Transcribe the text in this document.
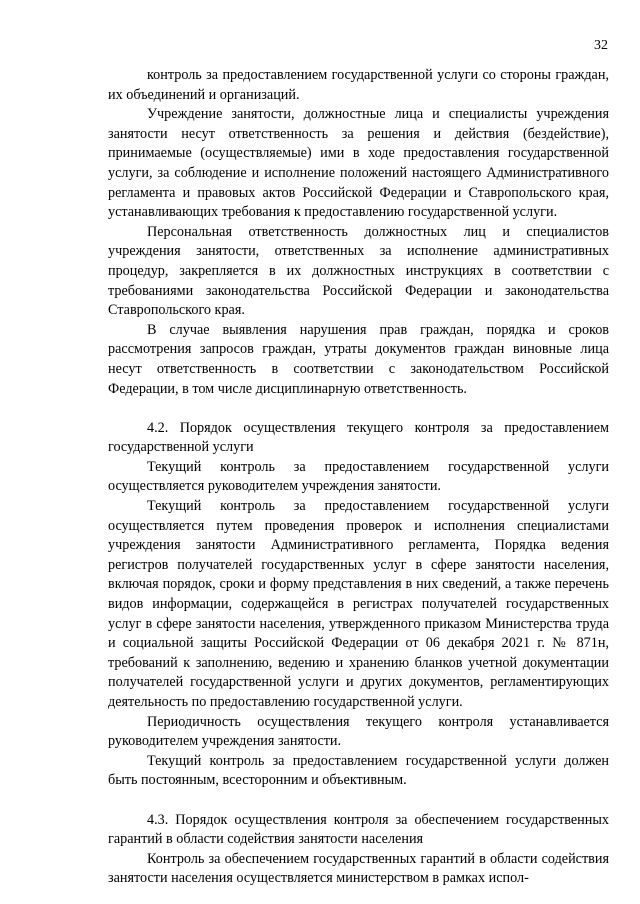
32

контроль за предоставлением государственной услуги со стороны граждан, их объединений и организаций.

Учреждение занятости, должностные лица и специалисты учреждения занятости несут ответственность за решения и действия (бездействие), принимаемые (осуществляемые) ими в ходе предоставления государственной услуги, за соблюдение и исполнение положений настоящего Административного регламента и правовых актов Российской Федерации и Ставропольского края, устанавливающих требования к предоставлению государственной услуги.

Персональная ответственность должностных лиц и специалистов учреждения занятости, ответственных за исполнение административных процедур, закрепляется в их должностных инструкциях в соответствии с требованиями законодательства Российской Федерации и законодательства Ставропольского края.

В случае выявления нарушения прав граждан, порядка и сроков рассмотрения запросов граждан, утраты документов граждан виновные лица несут ответственность в соответствии с законодательством Российской Федерации, в том числе дисциплинарную ответственность.

4.2. Порядок осуществления текущего контроля за предоставлением государственной услуги

Текущий контроль за предоставлением государственной услуги осуществляется руководителем учреждения занятости.

Текущий контроль за предоставлением государственной услуги осуществляется путем проведения проверок и исполнения специалистами учреждения занятости Административного регламента, Порядка ведения регистров получателей государственных услуг в сфере занятости населения, включая порядок, сроки и форму представления в них сведений, а также перечень видов информации, содержащейся в регистрах получателей государственных услуг в сфере занятости населения, утвержденного приказом Министерства труда и социальной защиты Российской Федерации от 06 декабря 2021 г. № 871н, требований к заполнению, ведению и хранению бланков учетной документации получателей государственной услуги и других документов, регламентирующих деятельность по предоставлению государственной услуги.

Периодичность осуществления текущего контроля устанавливается руководителем учреждения занятости.

Текущий контроль за предоставлением государственной услуги должен быть постоянным, всесторонним и объективным.

4.3. Порядок осуществления контроля за обеспечением государственных гарантий в области содействия занятости населения

Контроль за обеспечением государственных гарантий в области содействия занятости населения осуществляется министерством в рамках испол-
